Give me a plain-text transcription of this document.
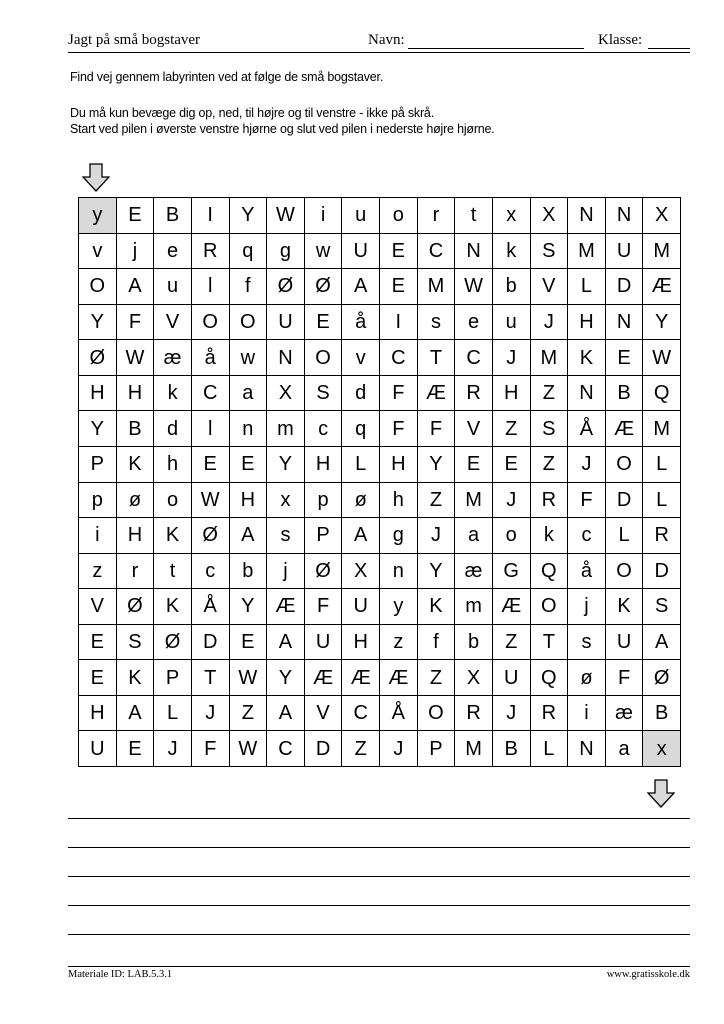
Jagt på små bogstaver	Navn:	Klasse:
Find vej gennem labyrinten ved at følge de små bogstaver.
Du må kun bevæge dig op, ned, til højre og til venstre - ikke på skrå.
Start ved pilen i øverste venstre hjørne og slut ved pilen i nederste højre hjørne.
y	E	B	I	Y	W	i	u	o	r	t	x	X	N	N	X
v	j	e	R	q	g	w	U	E	C	N	k	S	M	U	M
O	A	u	l	f	Ø	Ø	A	E	M	W	b	V	L	D	Æ
Y	F	V	O	O	U	E	å	I	s	e	u	J	H	N	Y
Ø	W	æ	å	w	N	O	v	C	T	C	J	M	K	E	W
H	H	k	C	a	X	S	d	F	Æ	R	H	Z	N	B	Q
Y	B	d	l	n	m	c	q	F	F	V	Z	S	Å	Æ	M
P	K	h	E	E	Y	H	L	H	Y	E	E	Z	J	O	L
p	ø	o	W	H	x	p	ø	h	Z	M	J	R	F	D	L
i	H	K	Ø	A	s	P	A	g	J	a	o	k	c	L	R
z	r	t	c	b	j	Ø	X	n	Y	æ	G	Q	å	O	D
V	Ø	K	Å	Y	Æ	F	U	y	K	m	Æ	O	j	K	S
E	S	Ø	D	E	A	U	H	z	f	b	Z	T	s	U	A
E	K	P	T	W	Y	Æ	Æ	Æ	Z	X	U	Q	ø	F	Ø
H	A	L	J	Z	A	V	C	Å	O	R	J	R	i	æ	B
U	E	J	F	W	C	D	Z	J	P	M	B	L	N	a	x
Materiale ID: LAB.5.3.1	www.gratisskole.dk
